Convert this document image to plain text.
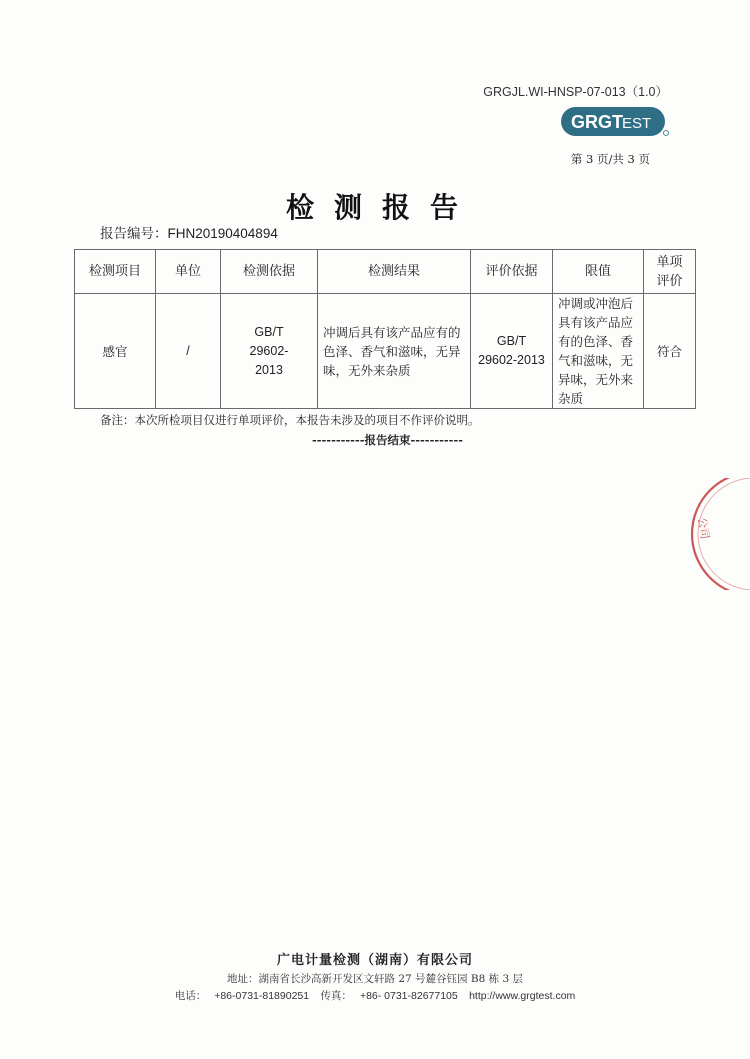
GRGJL.WI-HNSP-07-013（1.0）
GRGT EST
第 3 页/共 3 页
检测报告
报告编号：FHN20190404894
检测项目	单位	检测依据	检测结果	评价依据	限值	单项评价
感官	/	GB/T 29602-2013	冲调后具有该产品应有的色泽、香气和滋味，无异味，无外来杂质	GB/T 29602-2013	冲调或冲泡后具有该产品应有的色泽、香气和滋味，无异味，无外来杂质	符合
备注：本次所检项目仅进行单项评价，本报告未涉及的项目不作评价说明。
-----------报告结束-----------
公司
广电计量检测（湖南）有限公司
地址：湖南省长沙高新开发区文轩路 27 号麓谷钰园 B8 栋 3 层
电话： +86-0731-81890251 传真： +86- 0731-82677105 http://www.grgtest.com
